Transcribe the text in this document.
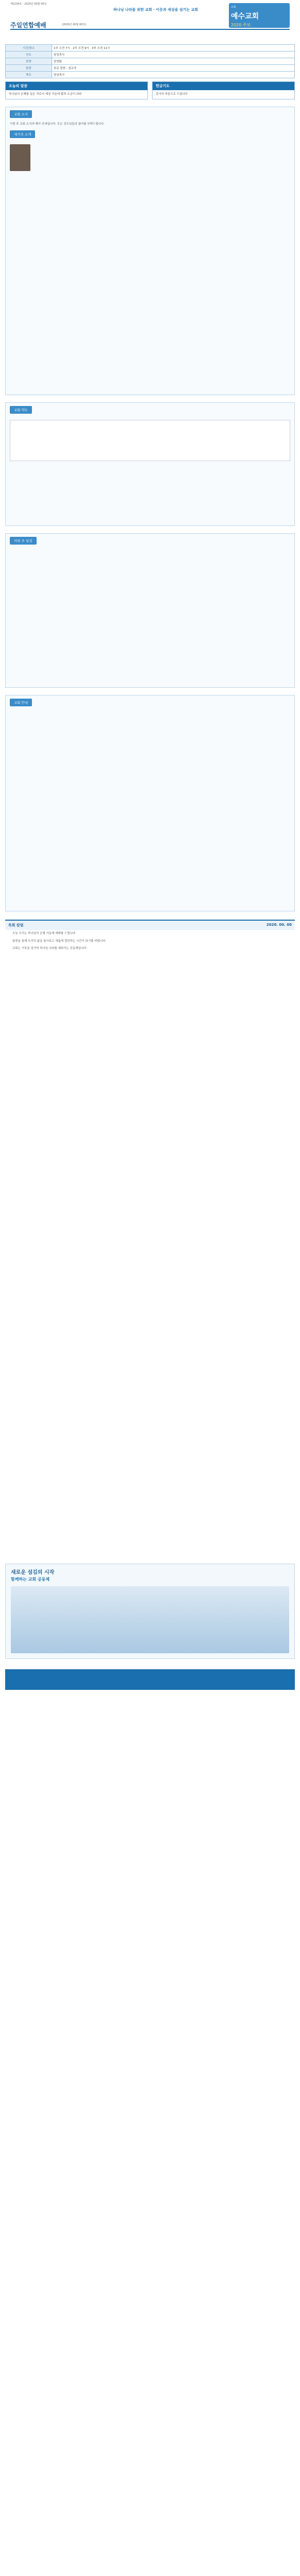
제1234호 · 2020년 00월 00일
하나님 나라를 위한 교회 · 이웃과 세상을 섬기는 교회
교회
예수교회
2020 주보
주일연합예배	(2020년 00월 00일)
시간/장소	1부 오전 7시 · 2부 오전 9시 · 3부 오전 11시
인도	담임목사
찬양	찬양팀
말씀	본문 말씀 · 설교자
축도	담임목사
오늘의 말씀
하나님의 은혜를 입은 자로서 세상 가운데 빛과 소금이 되라
헌금기도
감사의 마음으로 드립니다
교회 소식
이번 주 교회 소식과 행사 안내입니다. 모든 성도님들의 참여를 부탁드립니다.
새가족 소개
교회 약도
이번 주 일정
교회 안내
목회 칼럼	2020. 00. 00

오늘 우리는 하나님의 은혜 가운데 예배를 드립니다.

말씀을 통해 우리의 삶을 돌아보고 새롭게 결단하는 시간이 되기를 바랍니다.

교회는 이웃을 섬기며 하나님 나라를 세워가는 공동체입니다.

새로운 섬김의 시작
함께하는 교회 공동체
